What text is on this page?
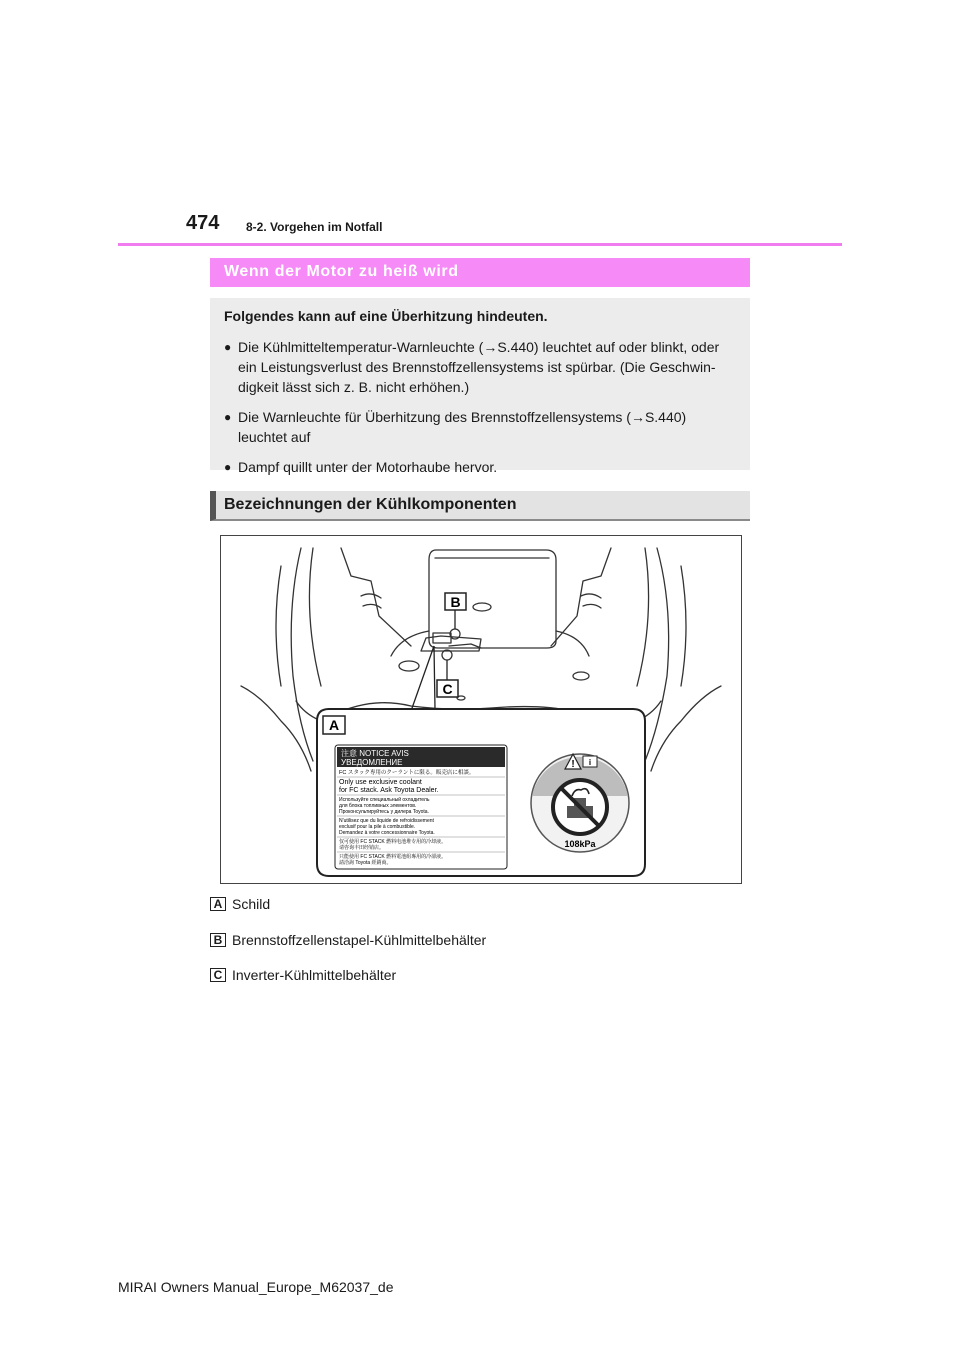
474 8-2. Vorgehen im Notfall
Wenn der Motor zu heiß wird
Folgendes kann auf eine Überhitzung hindeuten.
● Die Kühlmitteltemperatur-Warnleuchte (→S.440) leuchtet auf oder blinkt, oder ein Leistungsverlust des Brennstoffzellensystems ist spürbar. (Die Geschwin-digkeit lässt sich z. B. nicht erhöhen.)
● Die Warnleuchte für Überhitzung des Brennstoffzellensystems (→S.440) leuchtet auf
● Dampf quillt unter der Motorhaube hervor.
Bezeichnungen der Kühlkomponenten
B
C
A
注意 NOTICE AVIS
УВЕДОМЛЕНИЕ
FC スタック専用のクーラントに限る。販売店に相談。
Only use exclusive coolant
for FC stack. Ask Toyota Dealer.
Используйте специальный охладитель
для блока топливных элементов.
Проконсультируйтесь у дилера Toyota.
N'utilisez que du liquide de refroidissement
exclusif pour la pile à combustible.
Demandez à votre concessionnaire Toyota.
仅可使用 FC STACK 燃料电池堆专用的冷却液。
请咨询丰田经销店。
只能使用 FC STACK 燃料電池組專用的冷卻液。
請洽詢 Toyota 經銷商。
! i
108kPa
A Schild
B Brennstoffzellenstapel-Kühlmittelbehälter
C Inverter-Kühlmittelbehälter
MIRAI Owners Manual_Europe_M62037_de
